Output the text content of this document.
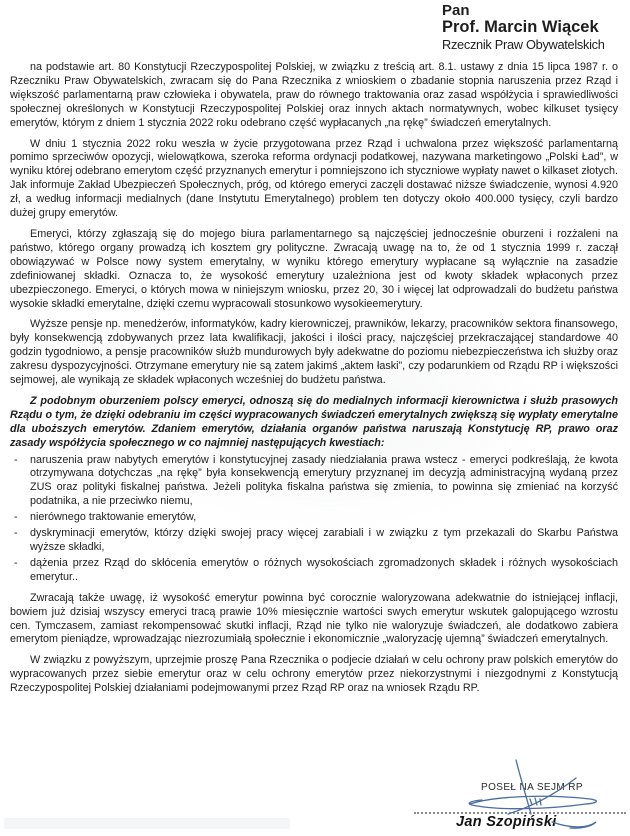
Pan
Prof. Marcin Wiącek
Rzecznik Praw Obywatelskich

na podstawie art. 80 Konstytucji Rzeczypospolitej Polskiej, w związku z treścią art. 8.1. ustawy z dnia 15 lipca 1987 r. o Rzeczniku Praw Obywatelskich, zwracam się do Pana Rzecznika z wnioskiem o zbadanie stopnia naruszenia przez Rząd i większość parlamentarną praw człowieka i obywatela, praw do równego traktowania oraz zasad współżycia i sprawiedliwości społecznej określonych w Konstytucji Rzeczypospolitej Polskiej oraz innych aktach normatywnych, wobec kilkuset tysięcy emerytów, którym z dniem 1 stycznia 2022 roku odebrano część wypłacanych „na rękę” świadczeń emerytalnych.

W dniu 1 stycznia 2022 roku weszła w życie przygotowana przez Rząd i uchwalona przez większość parlamentarną pomimo sprzeciwów opozycji, wielowątkowa, szeroka reforma ordynacji podatkowej, nazywana marketingowo „Polski Ład”, w wyniku której odebrano emerytom część przyznanych emerytur i pomniejszono ich styczniowe wypłaty nawet o kilkaset złotych. Jak informuje Zakład Ubezpieczeń Społecznych, próg, od którego emeryci zaczęli dostawać niższe świadczenie, wynosi 4.920 zł, a według informacji medialnych (dane Instytutu Emerytalnego) problem ten dotyczy około 400.000 tysięcy, czyli bardzo dużej grupy emerytów.

Emeryci, którzy zgłaszają się do mojego biura parlamentarnego są najczęściej jednocześnie oburzeni i rozżaleni na państwo, którego organy prowadzą ich kosztem gry polityczne. Zwracają uwagę na to, że od 1 stycznia 1999 r. zaczął obowiązywać w Polsce nowy system emerytalny, w wyniku którego emerytury wypłacane są wyłącznie na zasadzie zdefiniowanej składki. Oznacza to, że wysokość emerytury uzależniona jest od kwoty składek wpłaconych przez ubezpieczonego. Emeryci, o których mowa w niniejszym wniosku, przez 20, 30 i więcej lat odprowadzali do budżetu państwa wysokie składki emerytalne, dzięki czemu wypracowali stosunkowo wysokieemerytury.

Wyższe pensje np. menedżerów, informatyków, kadry kierowniczej, prawników, lekarzy, pracowników sektora finansowego, były konsekwencją zdobywanych przez lata kwalifikacji, jakości i ilości pracy, najczęściej przekraczającej standardowe 40 godzin tygodniowo, a pensje pracowników służb mundurowych były adekwatne do poziomu niebezpieczeństwa ich służby oraz zakresu dyspozycyjności. Otrzymane emerytury nie są zatem jakimś „aktem łaski”, czy podarunkiem od Rządu RP i większości sejmowej, ale wynikają ze składek wpłaconych wcześniej do budżetu państwa.

Z podobnym oburzeniem polscy emeryci, odnoszą się do medialnych informacji kierownictwa i służb prasowych Rządu o tym, że dzięki odebraniu im części wypracowanych świadczeń emerytalnych zwiększą się wypłaty emerytalne dla uboższych emerytów. Zdaniem emerytów, działania organów państwa naruszają Konstytucję RP, prawo oraz zasady współżycia społecznego w co najmniej następujących kwestiach:

- naruszenia praw nabytych emerytów i konstytucyjnej zasady niedziałania prawa wstecz - emeryci podkreślają, że kwota otrzymywana dotychczas „na rękę” była konsekwencją emerytury przyznanej im decyzją administracyjną wydaną przez ZUS oraz polityki fiskalnej państwa. Jeżeli polityka fiskalna państwa się zmienia, to powinna się zmieniać na korzyść podatnika, a nie przeciwko niemu,
- nierównego traktowanie emerytów,
- dyskryminacji emerytów, którzy dzięki swojej pracy więcej zarabiali i w związku z tym przekazali do Skarbu Państwa wyższe składki,
- dążenia przez Rząd do skłócenia emerytów o różnych wysokościach zgromadzonych składek i różnych wysokościach emerytur..

Zwracają także uwagę, iż wysokość emerytur powinna być corocznie waloryzowana adekwatnie do istniejącej inflacji, bowiem już dzisiaj wszyscy emeryci tracą prawie 10% miesięcznie wartości swych emerytur wskutek galopującego wzrostu cen. Tymczasem, zamiast rekompensować skutki inflacji, Rząd nie tylko nie waloryzuje świadczeń, ale dodatkowo zabiera emerytom pieniądze, wprowadzając niezrozumiałą społecznie i ekonomicznie „waloryzację ujemną” świadczeń emerytalnych.

W związku z powyższym, uprzejmie proszę Pana Rzecznika o podjecie działań w celu ochrony praw polskich emerytów do wypracowanych przez siebie emerytur oraz w celu ochrony emerytów przez niekorzystnymi i niezgodnymi z Konstytucją Rzeczypospolitej Polskiej działaniami podejmowanymi przez Rząd RP oraz na wniosek Rządu RP.

POSEŁ NA SEJM RP
Jan Szopiński
